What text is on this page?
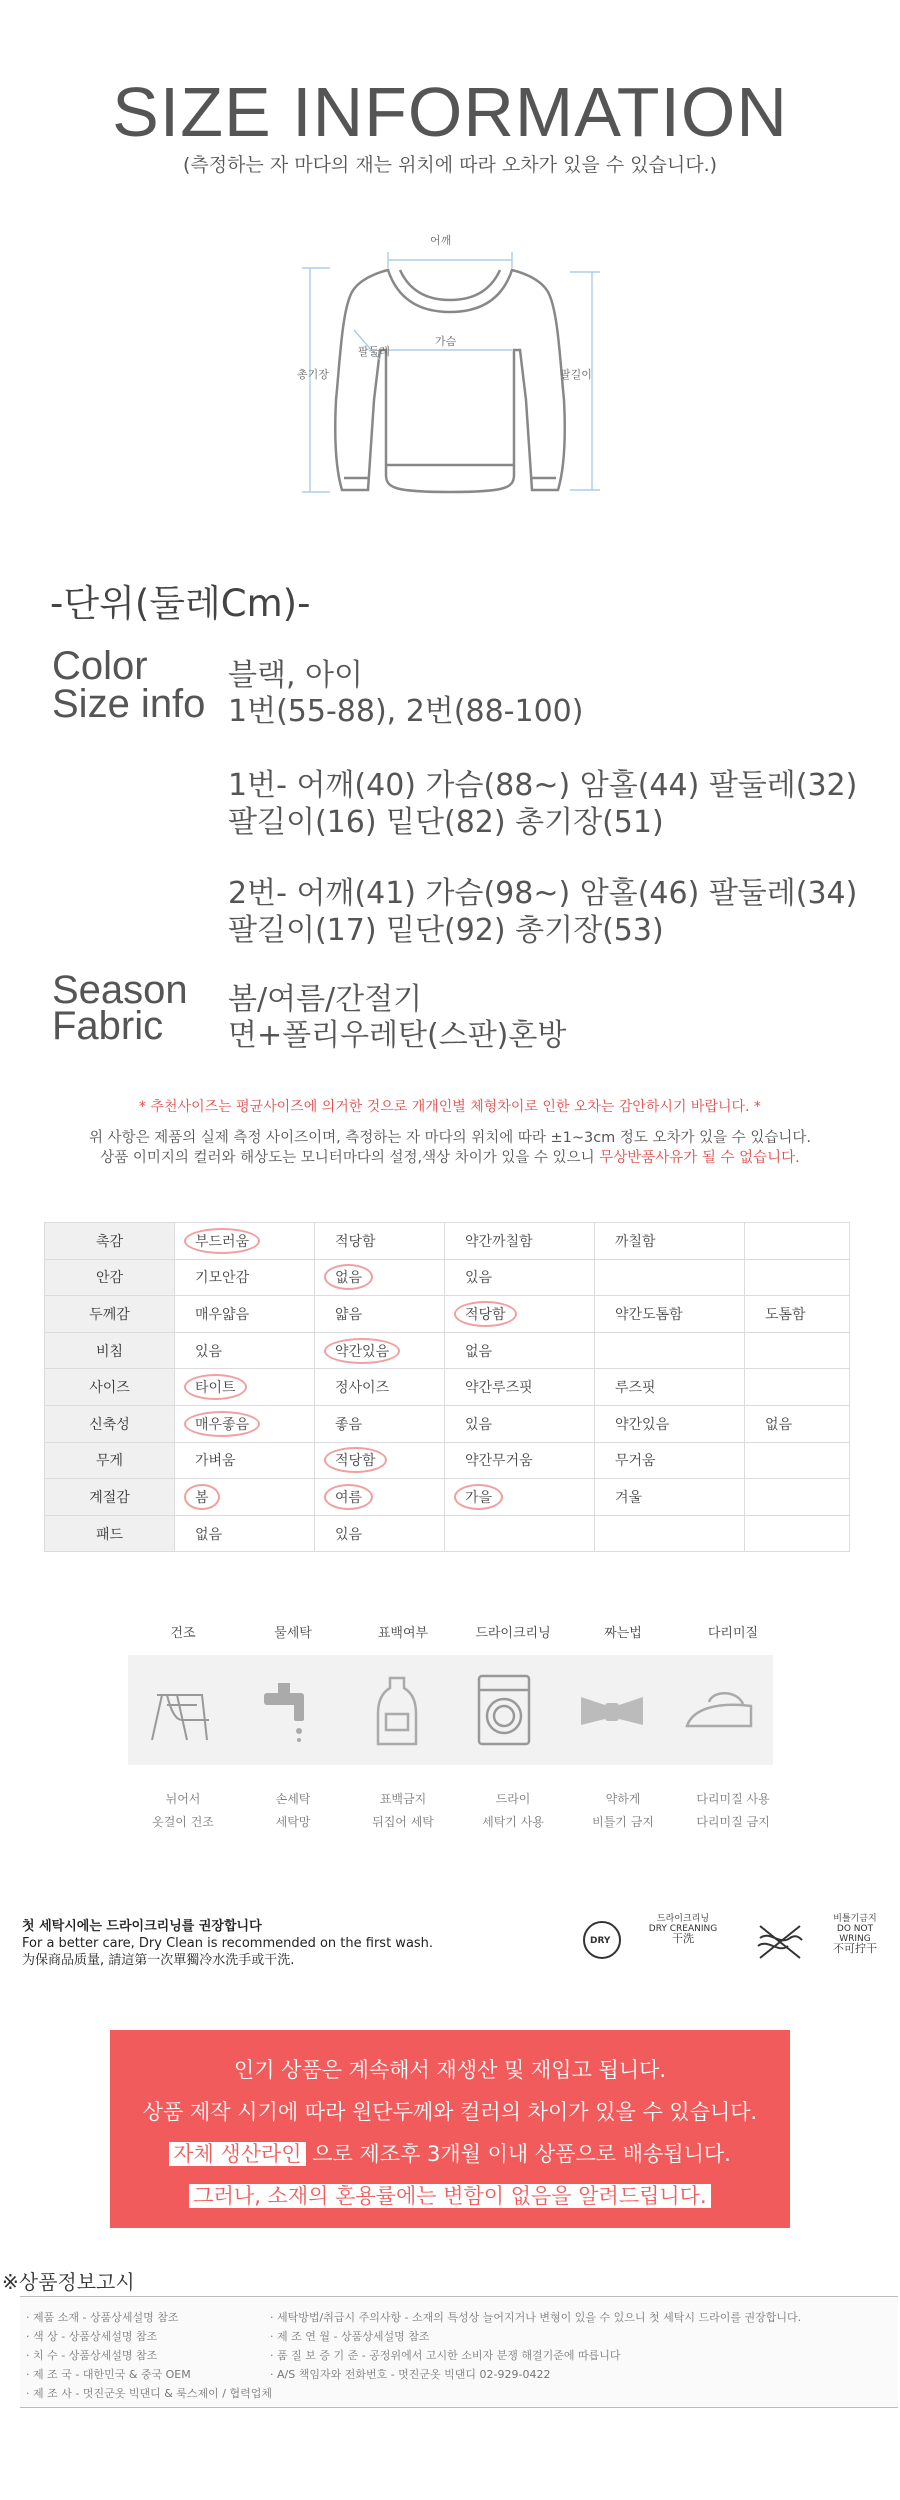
SIZE INFORMATION
(측정하는 자 마다의 재는 위치에 따라 오차가 있을 수 있습니다.)
어깨
가슴
팔둘레
총기장	팔길이
-단위(둘레Cm)-
Color	블랙, 아이
Size info 1번(55-88), 2번(88-100)
1번- 어깨(40) 가슴(88~) 암홀(44) 팔둘레(32)
팔길이(16) 밑단(82) 총기장(51)
2번- 어깨(41) 가슴(98~) 암홀(46) 팔둘레(34)
팔길이(17) 밑단(92) 총기장(53)
Season 봄/여름/간절기
Fabric 면+폴리우레탄(스판)혼방
* 추천사이즈는 평균사이즈에 의거한 것으로 개개인별 체형차이로 인한 오차는 감안하시기 바랍니다. *
위 사항은 제품의 실제 측정 사이즈이며, 측정하는 자 마다의 위치에 따라 ±1~3cm 정도 오차가 있을 수 있습니다.
상품 이미지의 컬러와 해상도는 모니터마다의 설정,색상 차이가 있을 수 있으니 무상반품사유가 될 수 없습니다.
촉감	부드러움	적당함	약간까칠함	까칠함	
안감	기모안감	없음	있음		
두께감	매우얇음	얇음	적당함	약간도톰함	도톰함
비침	있음	약간있음	없음		
사이즈	타이트	정사이즈	약간루즈핏	루즈핏	
신축성	매우좋음	좋음	있음	약간있음	없음
무게	가벼움	적당함	약간무거움	무거움	
계절감	봄	여름	가을	겨울	
패드	없음	있음			
건조	물세탁	표백여부	드라이크리닝	짜는법	다리미질
뉘어서	손세탁	표백금지	드라이	약하게	다리미질 사용
옷걸이 건조	세탁망	뒤집어 세탁	세탁기 사용	비틀기 금지	다리미질 금지
첫 세탁시에는 드라이크리닝를 권장합니다
For a better care, Dry Clean is recommended on the first wash.
为保商品质量, 請這第一次單獨冷水洗手或干洗.
DRY
드라이크리닝
DRY CREANING
干洗
비틀기금지
DO NOT WRING
不可拧干
인기 상품은 계속해서 재생산 및 재입고 됩니다.
상품 제작 시기에 따라 원단두께와 컬러의 차이가 있을 수 있습니다.
자체 생산라인 으로 제조후 3개월 이내 상품으로 배송됩니다.
그러나, 소재의 혼용률에는 변함이 없음을 알려드립니다.
※상품정보고시
· 제품 소재 - 상품상세설명 참조
· 색 상 - 상품상세설명 참조
· 치 수 - 상품상세설명 참조
· 제 조 국 - 대한민국 & 중국 OEM
· 제 조 사 - 멋진군옷 빅댄디 & 룩스제이 / 협력업체
· 세탁방법/취급시 주의사항 - 소재의 특성상 늘어지거나 변형이 있을 수 있으니 첫 세탁시 드라이를 권장합니다.
· 제 조 연 월 - 상품상세설명 참조
· 품 질 보 증 기 준 - 공정위에서 고시한 소비자 분쟁 해결기준에 따릅니다
· A/S 책임자와 전화번호 - 멋진군옷 빅댄디 02-929-0422
